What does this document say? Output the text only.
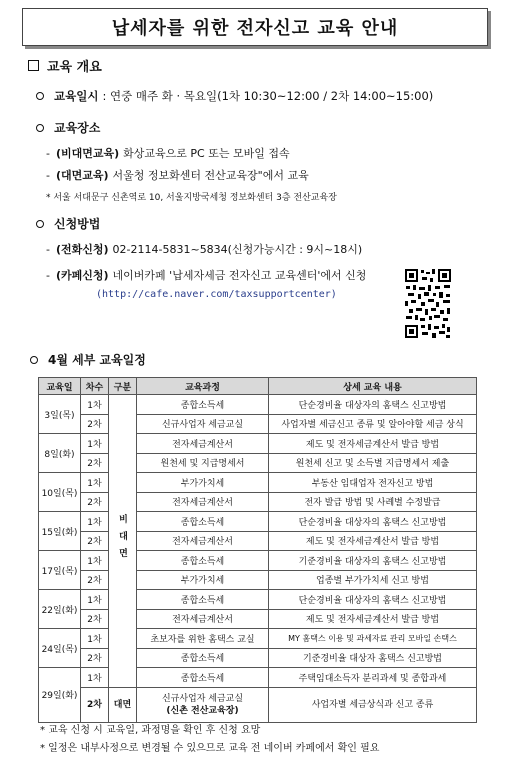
납세자를 위한 전자신고 교육 안내
교육 개요
교육일시 : 연중 매주 화 · 목요일(1차 10:30~12:00 / 2차 14:00~15:00)
교육장소
- (비대면교육) 화상교육으로 PC 또는 모바일 접속
- (대면교육) 서울청 정보화센터 전산교육장"에서 교육
* 서울 서대문구 신촌역로 10, 서울지방국세청 정보화센터 3층 전산교육장
신청방법
- (전화신청) 02-2114-5831~5834(신청가능시간 : 9시~18시)
- (카페신청) 네이버카페 '납세자세금 전자신고 교육센터'에서 신청
(http://cafe.naver.com/taxsupportcenter)
4월 세부 교육일정
교육일	차수	구분	교육과정	상세 교육 내용
3일(목)	1차	비대면	종합소득세	단순경비율 대상자의 홈택스 신고방법
	2차		신규사업자 세금교실	사업자별 세금신고 종류 및 알아야할 세금 상식
8일(화)	1차		전자세금계산서	제도 및 전자세금계산서 발급 방법
	2차		원천세 및 지급명세서	원천세 신고 및 소득별 지급명세서 제출
10일(목)	1차		부가가치세	부동산 임대업자 전자신고 방법
	2차		전자세금계산서	전자 발급 방법 및 사례별 수정발급
15일(화)	1차		종합소득세	단순경비율 대상자의 홈택스 신고방법
	2차		전자세금계산서	제도 및 전자세금계산서 발급 방법
17일(목)	1차		종합소득세	기준경비율 대상자의 홈택스 신고방법
	2차		부가가치세	업종별 부가가치세 신고 방법
22일(화)	1차		종합소득세	단순경비율 대상자의 홈택스 신고방법
	2차		전자세금계산서	제도 및 전자세금계산서 발급 방법
24일(목)	1차		초보자를 위한 홈택스 교실	MY 홈택스 이용 및 과세자료 관리 모바일 손택스
	2차		종합소득세	기준경비율 대상자 홈택스 신고방법
29일(화)	1차		종합소득세	주택임대소득자 분리과세 및 종합과세
	2차	대면	신규사업자 세금교실
(신촌 전산교육장)	사업자별 세금상식과 신고 종류
* 교육 신청 시 교육일, 과정명을 확인 후 신청 요망
* 일정은 내부사정으로 변경될 수 있으므로 교육 전 네이버 카페에서 확인 필요
